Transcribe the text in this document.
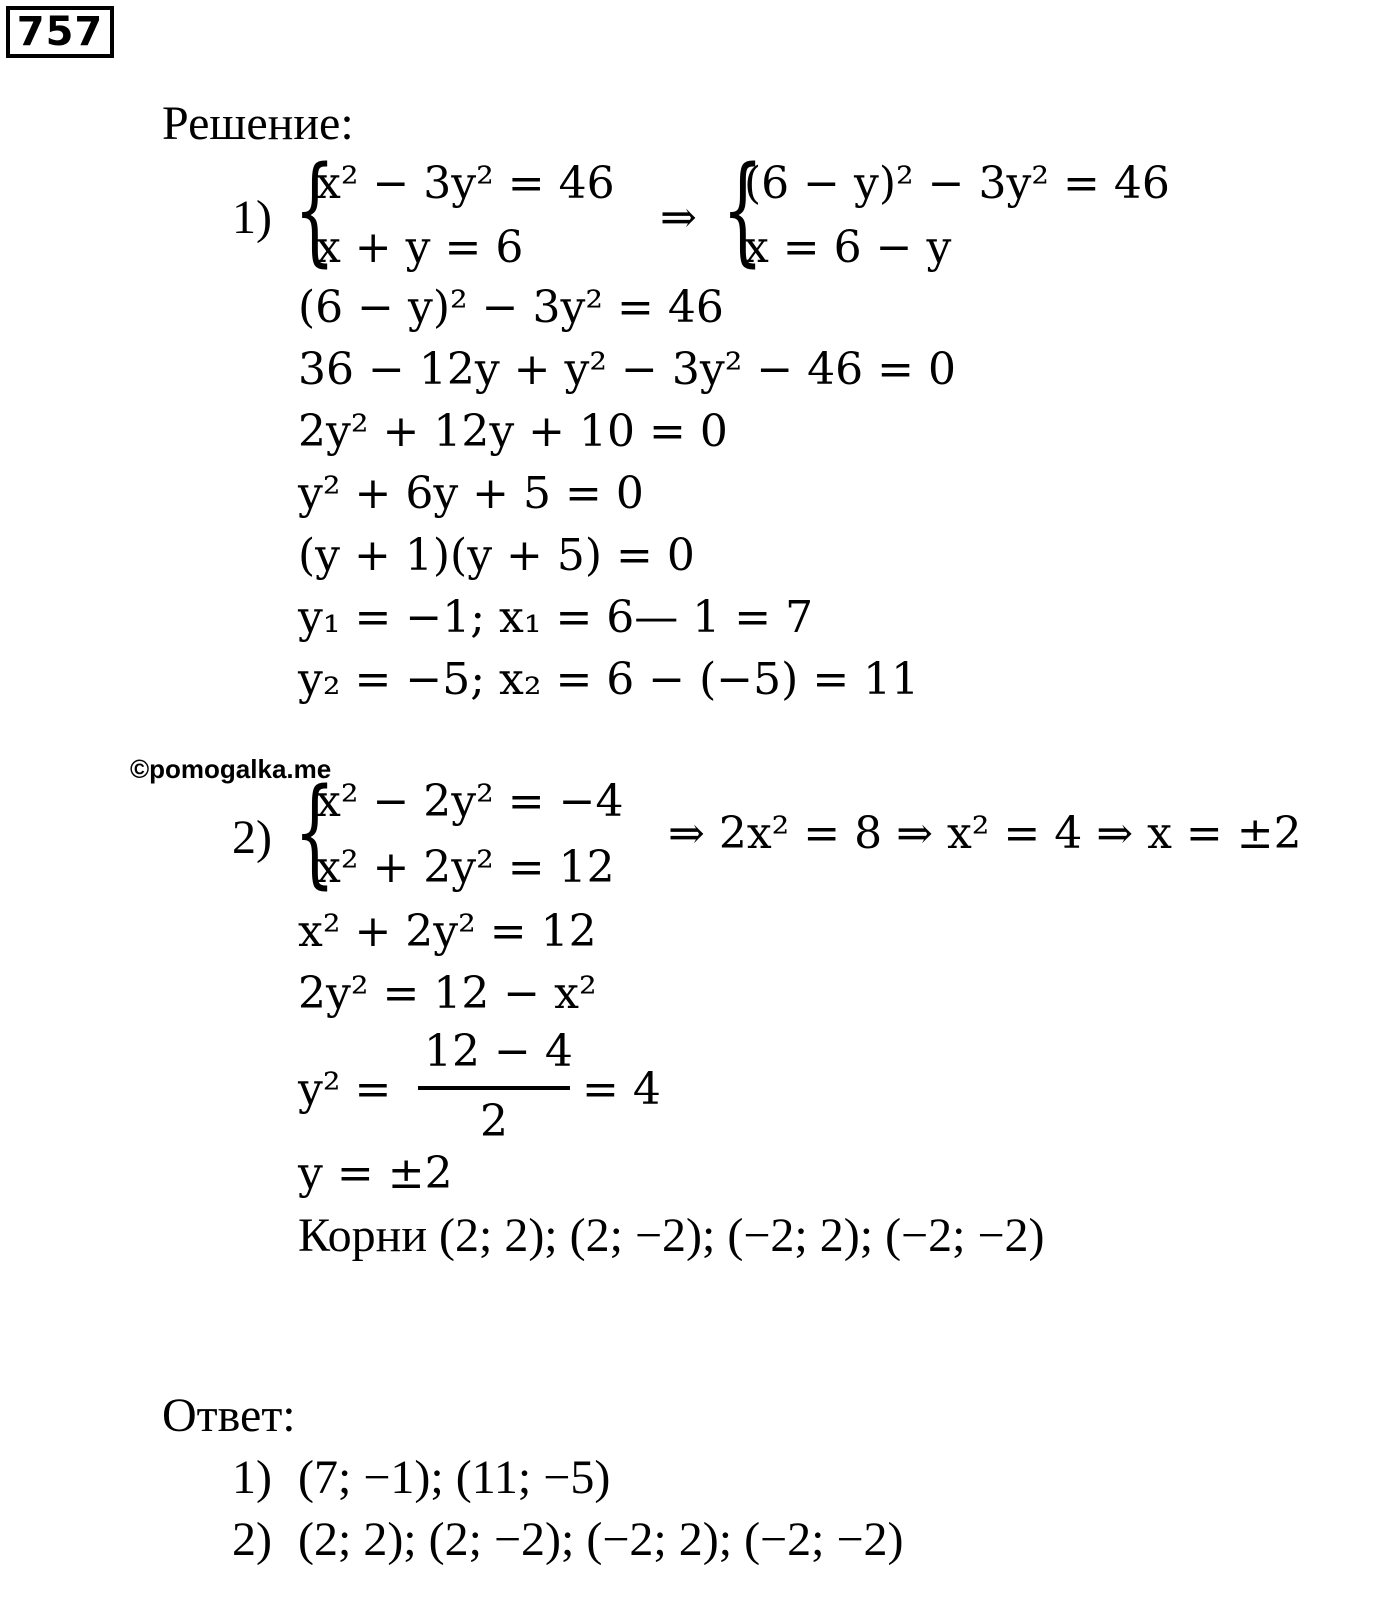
757
Решение:
1) {
x² − 3y² = 46
x + y = 6
⇒ {
(6 − y)² − 3y² = 46
x = 6 − y
(6 − y)² − 3y² = 46
36 − 12y + y² − 3y² − 46 = 0
2y² + 12y + 10 = 0
y² + 6y + 5 = 0
(y + 1)(y + 5) = 0
y₁ = −1; x₁ = 6— 1 = 7
y₂ = −5; x₂ = 6 − (−5) = 11
©pomogalka.me
2) {
x² − 2y² = −4
x² + 2y² = 12
⇒ 2x² = 8 ⇒ x² = 4 ⇒ x = ±2
x² + 2y² = 12
2y² = 12 − x²
y² =
12 − 4
2
= 4
y = ±2
Корни (2; 2); (2; −2); (−2; 2); (−2; −2)
Ответ:
1) (7; −1); (11; −5)
2) (2; 2); (2; −2); (−2; 2); (−2; −2)
